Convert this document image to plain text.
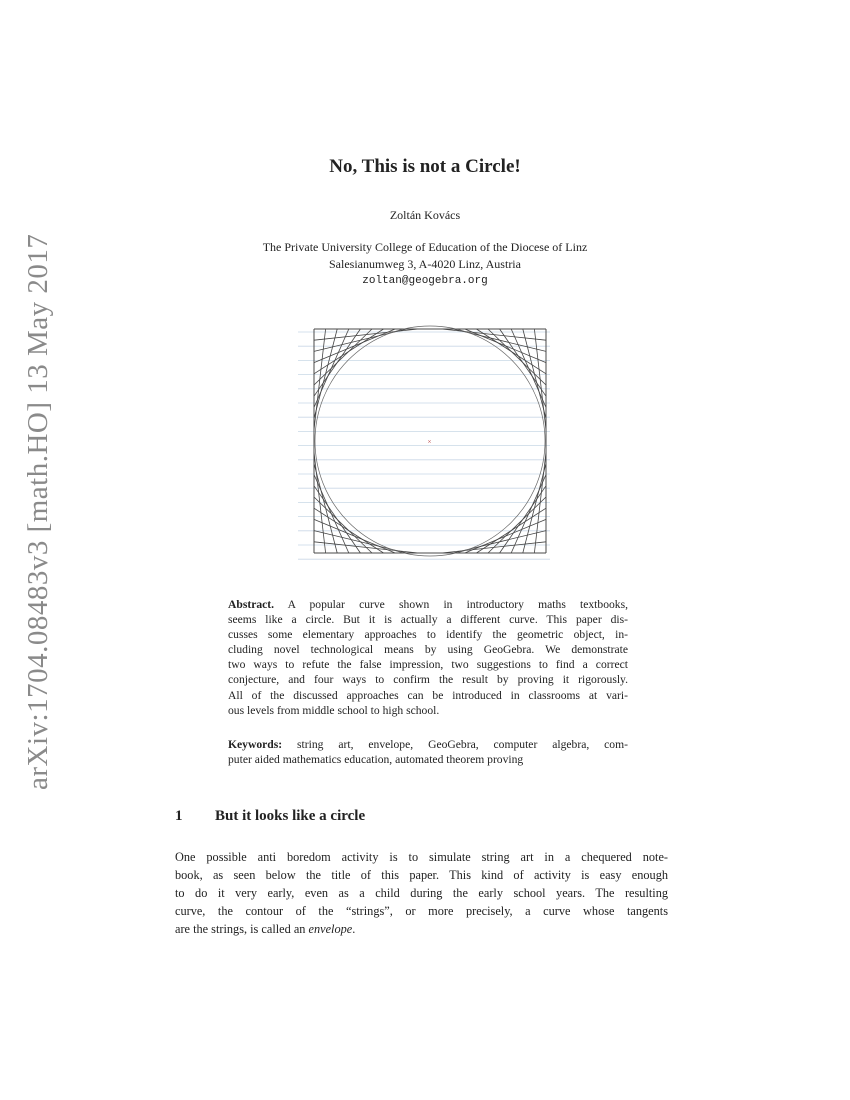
arXiv:1704.08483v3 [math.HO] 13 May 2017
No, This is not a Circle!
Zoltán Kovács
The Private University College of Education of the Diocese of Linz
Salesianumweg 3, A-4020 Linz, Austria
zoltan@geogebra.org
×
Abstract. A popular curve shown in introductory maths textbooks,
seems like a circle. But it is actually a different curve. This paper dis-
cusses some elementary approaches to identify the geometric object, in-
cluding novel technological means by using GeoGebra. We demonstrate
two ways to refute the false impression, two suggestions to find a correct
conjecture, and four ways to confirm the result by proving it rigorously.
All of the discussed approaches can be introduced in classrooms at vari-
ous levels from middle school to high school.
Keywords: string art, envelope, GeoGebra, computer algebra, com-
puter aided mathematics education, automated theorem proving
1 But it looks like a circle
One possible anti boredom activity is to simulate string art in a chequered note-
book, as seen below the title of this paper. This kind of activity is easy enough
to do it very early, even as a child during the early school years. The resulting
curve, the contour of the “strings”, or more precisely, a curve whose tangents
are the strings, is called an envelope.
